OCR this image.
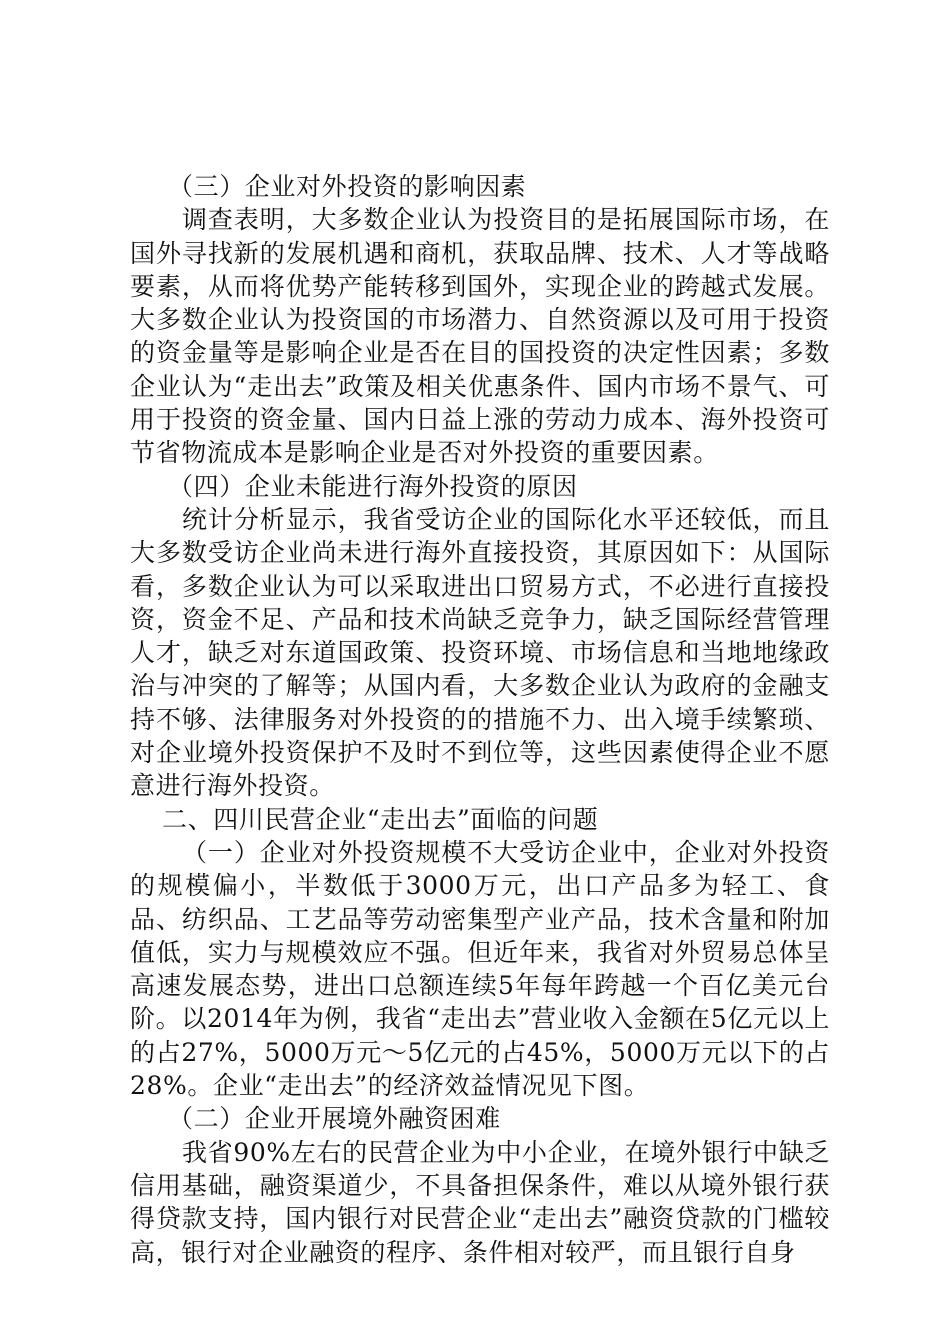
（三）企业对外投资的影响因素

调查表明，大多数企业认为投资目的是拓展国际市场，在国外寻找新的发展机遇和商机，获取品牌、技术、人才等战略要素，从而将优势产能转移到国外，实现企业的跨越式发展。大多数企业认为投资国的市场潜力、自然资源以及可用于投资的资金量等是影响企业是否在目的国投资的决定性因素；多数企业认为“走出去”政策及相关优惠条件、国内市场不景气、可用于投资的资金量、国内日益上涨的劳动力成本、海外投资可节省物流成本是影响企业是否对外投资的重要因素。

（四）企业未能进行海外投资的原因

统计分析显示，我省受访企业的国际化水平还较低，而且大多数受访企业尚未进行海外直接投资，其原因如下：从国际看，多数企业认为可以采取进出口贸易方式，不必进行直接投资，资金不足、产品和技术尚缺乏竞争力，缺乏国际经营管理人才，缺乏对东道国政策、投资环境、市场信息和当地地缘政治与冲突的了解等；从国内看，大多数企业认为政府的金融支持不够、法律服务对外投资的的措施不力、出入境手续繁琐、对企业境外投资保护不及时不到位等，这些因素使得企业不愿意进行海外投资。

二、四川民营企业“走出去”面临的问题

（一）企业对外投资规模不大受访企业中，企业对外投资的规模偏小，半数低于3000万元，出口产品多为轻工、食品、纺织品、工艺品等劳动密集型产业产品，技术含量和附加值低，实力与规模效应不强。但近年来，我省对外贸易总体呈高速发展态势，进出口总额连续5年每年跨越一个百亿美元台阶。以2014年为例，我省“走出去”营业收入金额在5亿元以上的占27%，5000万元～5亿元的占45%，5000万元以下的占28%。企业“走出去”的经济效益情况见下图。

（二）企业开展境外融资困难

我省90%左右的民营企业为中小企业，在境外银行中缺乏信用基础，融资渠道少，不具备担保条件，难以从境外银行获得贷款支持，国内银行对民营企业“走出去”融资贷款的门槛较高，银行对企业融资的程序、条件相对较严，而且银行自身
